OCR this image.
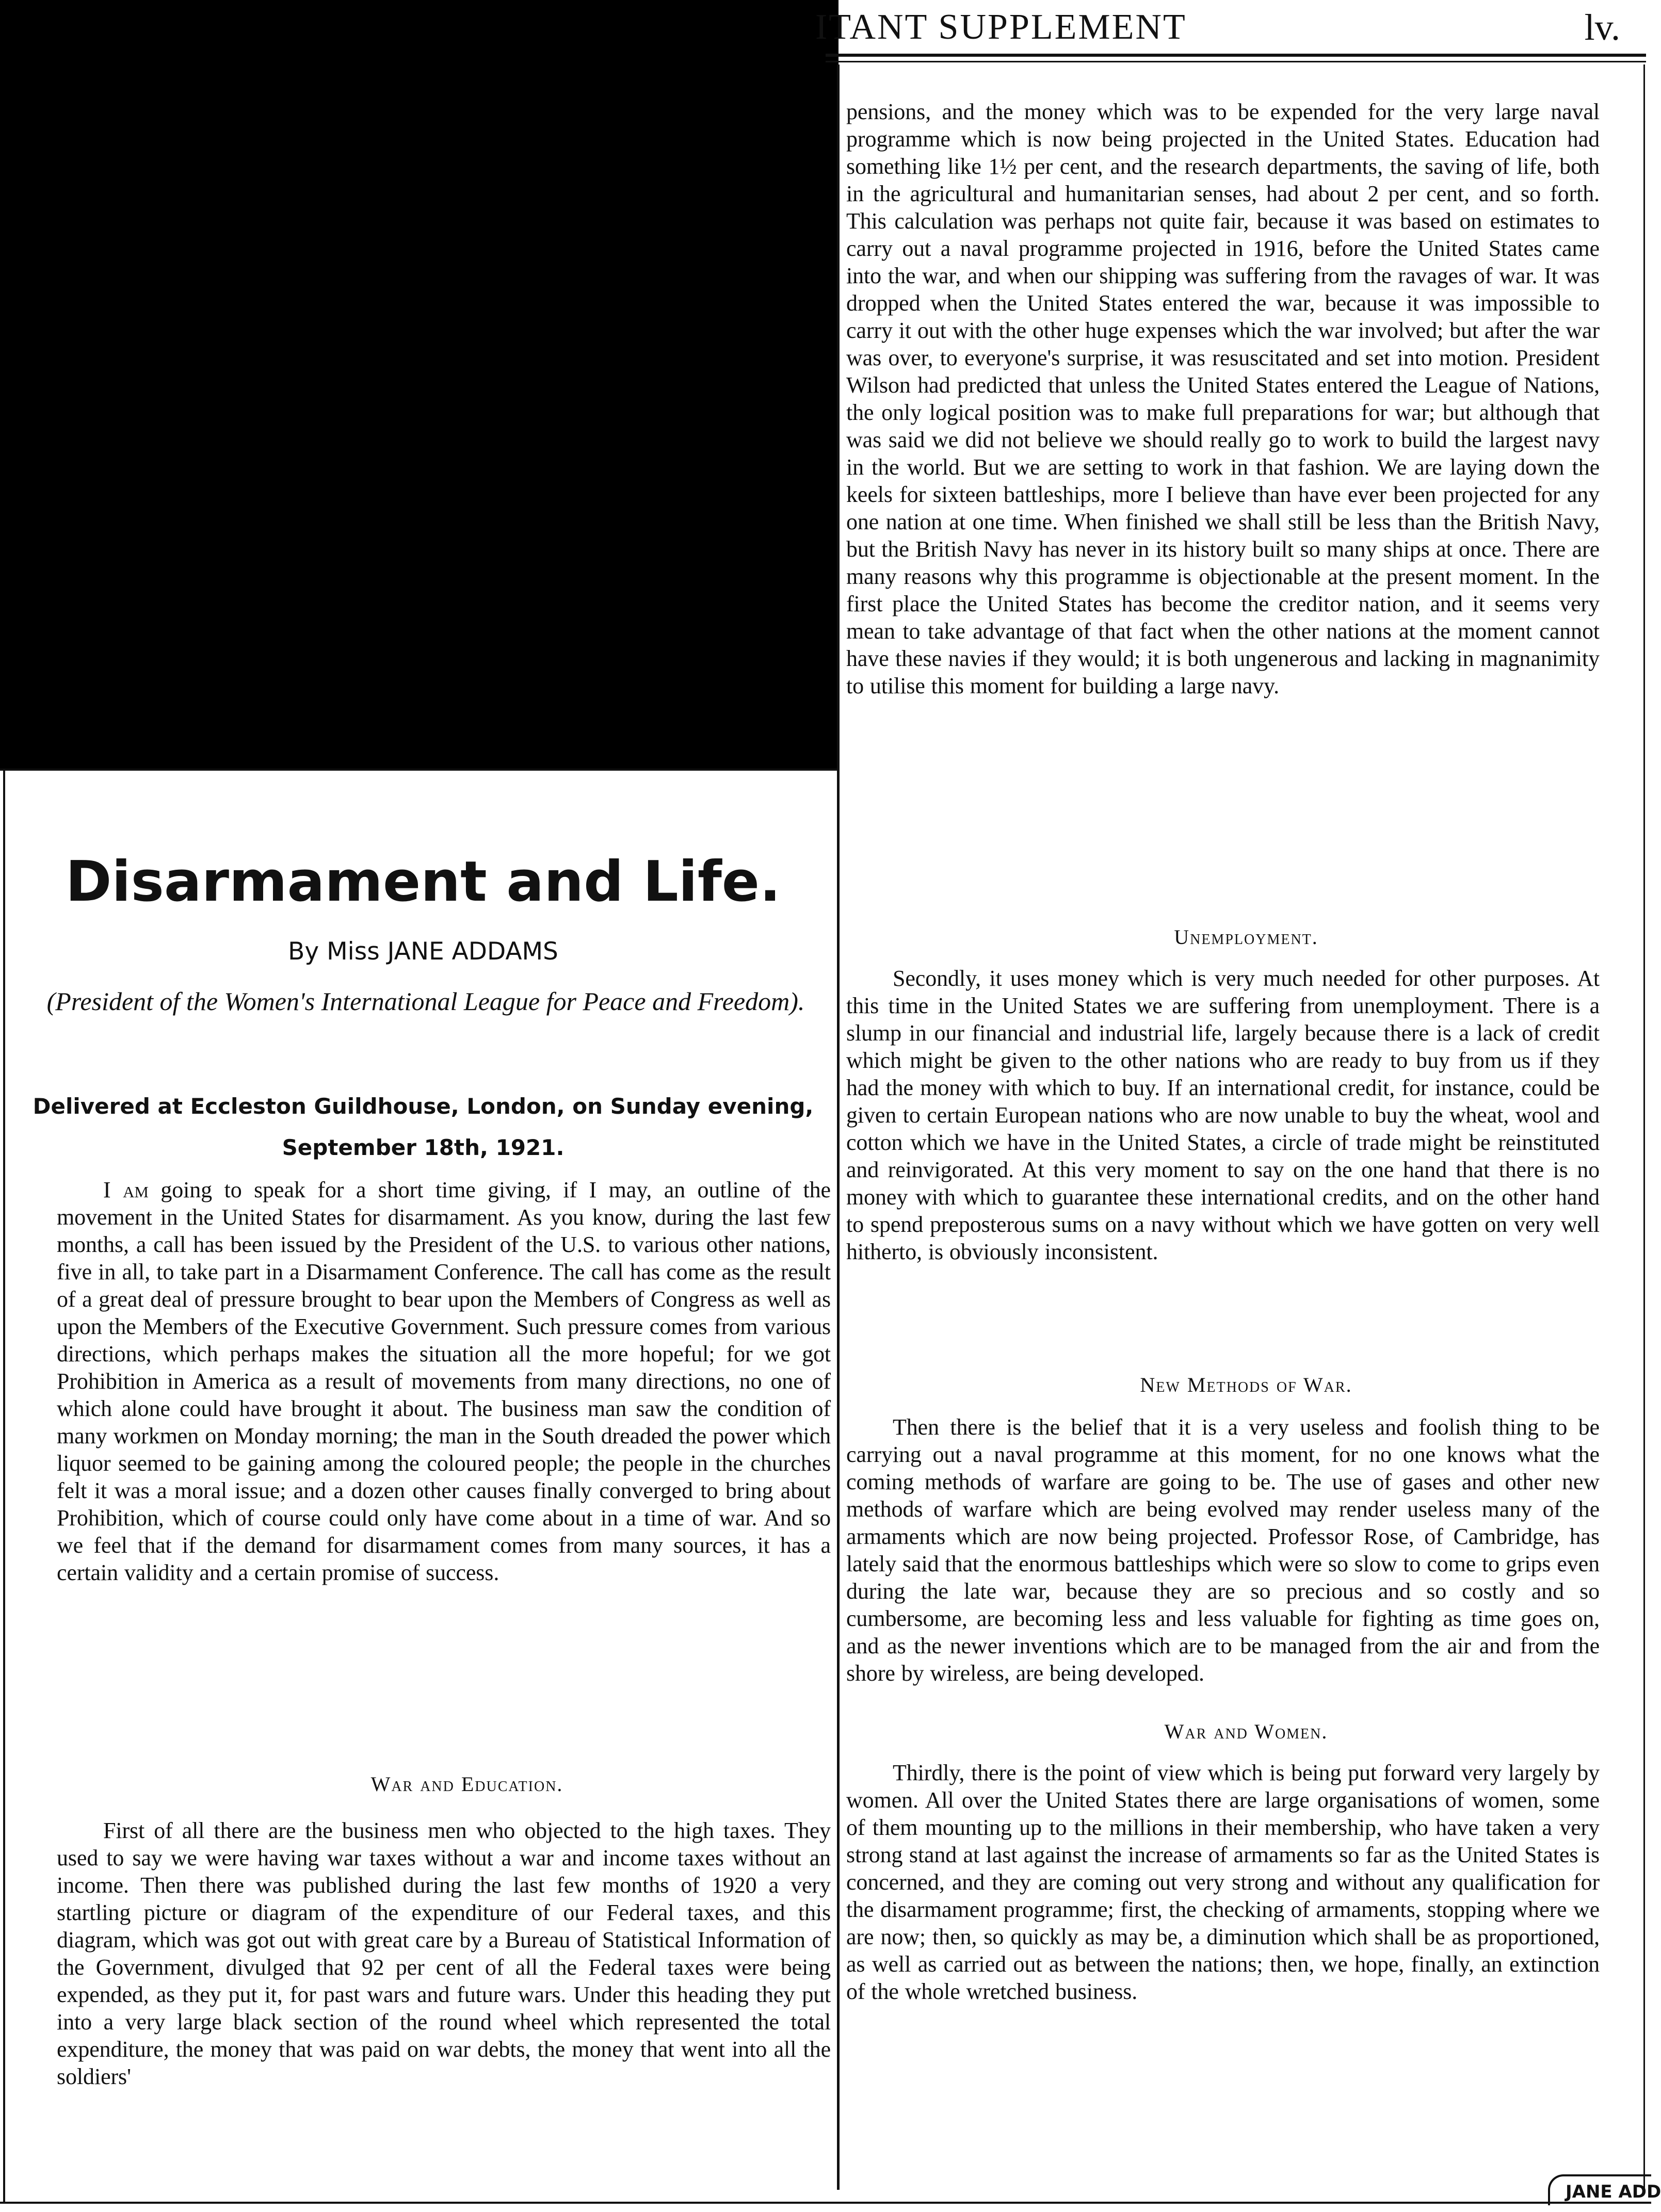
ITANT SUPPLEMENT	lv.
Disarmament and Life.
By Miss JANE ADDAMS
(President of the Women's International League for Peace and Freedom).
Delivered at Eccleston Guildhouse, London, on Sunday evening, September 18th, 1921.

I am going to speak for a short time giving, if I may, an outline of the movement in the United States for disarmament. As you know, during the last few months, a call has been issued by the President of the U.S. to various other nations, five in all, to take part in a Disarmament Conference. The call has come as the result of a great deal of pressure brought to bear upon the Members of Congress as well as upon the Members of the Executive Government. Such pressure comes from various directions, which perhaps makes the situation all the more hopeful; for we got Prohibition in America as a result of movements from many directions, no one of which alone could have brought it about. The business man saw the condition of many workmen on Monday morning; the man in the South dreaded the power which liquor seemed to be gaining among the coloured people; the people in the churches felt it was a moral issue; and a dozen other causes finally converged to bring about Prohibition, which of course could only have come about in a time of war. And so we feel that if the demand for disarmament comes from many sources, it has a certain validity and a certain promise of success.

War and Education.

First of all there are the business men who objected to the high taxes. They used to say we were having war taxes without a war and income taxes without an income. Then there was published during the last few months of 1920 a very startling picture or diagram of the expenditure of our Federal taxes, and this diagram, which was got out with great care by a Bureau of Statistical Information of the Government, divulged that 92 per cent of all the Federal taxes were being expended, as they put it, for past wars and future wars. Under this heading they put into a very large black section of the round wheel which represented the total expenditure, the money that was paid on war debts, the money that went into all the soldiers'

pensions, and the money which was to be expended for the very large naval programme which is now being projected in the United States. Education had something like 1½ per cent, and the research departments, the saving of life, both in the agricultural and humanitarian senses, had about 2 per cent, and so forth. This calculation was perhaps not quite fair, because it was based on estimates to carry out a naval programme projected in 1916, before the United States came into the war, and when our shipping was suffering from the ravages of war. It was dropped when the United States entered the war, because it was impossible to carry it out with the other huge expenses which the war involved; but after the war was over, to everyone's surprise, it was resuscitated and set into motion. President Wilson had predicted that unless the United States entered the League of Nations, the only logical position was to make full preparations for war; but although that was said we did not believe we should really go to work to build the largest navy in the world. But we are setting to work in that fashion. We are laying down the keels for sixteen battleships, more I believe than have ever been projected for any one nation at one time. When finished we shall still be less than the British Navy, but the British Navy has never in its history built so many ships at once. There are many reasons why this programme is objectionable at the present moment. In the first place the United States has become the creditor nation, and it seems very mean to take advantage of that fact when the other nations at the moment cannot have these navies if they would; it is both ungenerous and lacking in magnanimity to utilise this moment for building a large navy.

Unemployment.

Secondly, it uses money which is very much needed for other purposes. At this time in the United States we are suffering from unemployment. There is a slump in our financial and industrial life, largely because there is a lack of credit which might be given to the other nations who are ready to buy from us if they had the money with which to buy. If an international credit, for instance, could be given to certain European nations who are now unable to buy the wheat, wool and cotton which we have in the United States, a circle of trade might be reinstituted and reinvigorated. At this very moment to say on the one hand that there is no money with which to guarantee these international credits, and on the other hand to spend preposterous sums on a navy without which we have gotten on very well hitherto, is obviously inconsistent.

New Methods of War.

Then there is the belief that it is a very useless and foolish thing to be carrying out a naval programme at this moment, for no one knows what the coming methods of warfare are going to be. The use of gases and other new methods of warfare which are being evolved may render useless many of the armaments which are now being projected. Professor Rose, of Cambridge, has lately said that the enormous battleships which were so slow to come to grips even during the late war, because they are so precious and so costly and so cumbersome, are becoming less and less valuable for fighting as time goes on, and as the newer inventions which are to be managed from the air and from the shore by wireless, are being developed.

War and Women.

Thirdly, there is the point of view which is being put forward very largely by women. All over the United States there are large organisations of women, some of them mounting up to the millions in their membership, who have taken a very strong stand at last against the increase of armaments so far as the United States is concerned, and they are coming out very strong and without any qualification for the disarmament programme; first, the checking of armaments, stopping where we are now; then, so quickly as may be, a diminution which shall be as proportioned, as well as carried out as between the nations; then, we hope, finally, an extinction of the whole wretched business.

JANE ADD
